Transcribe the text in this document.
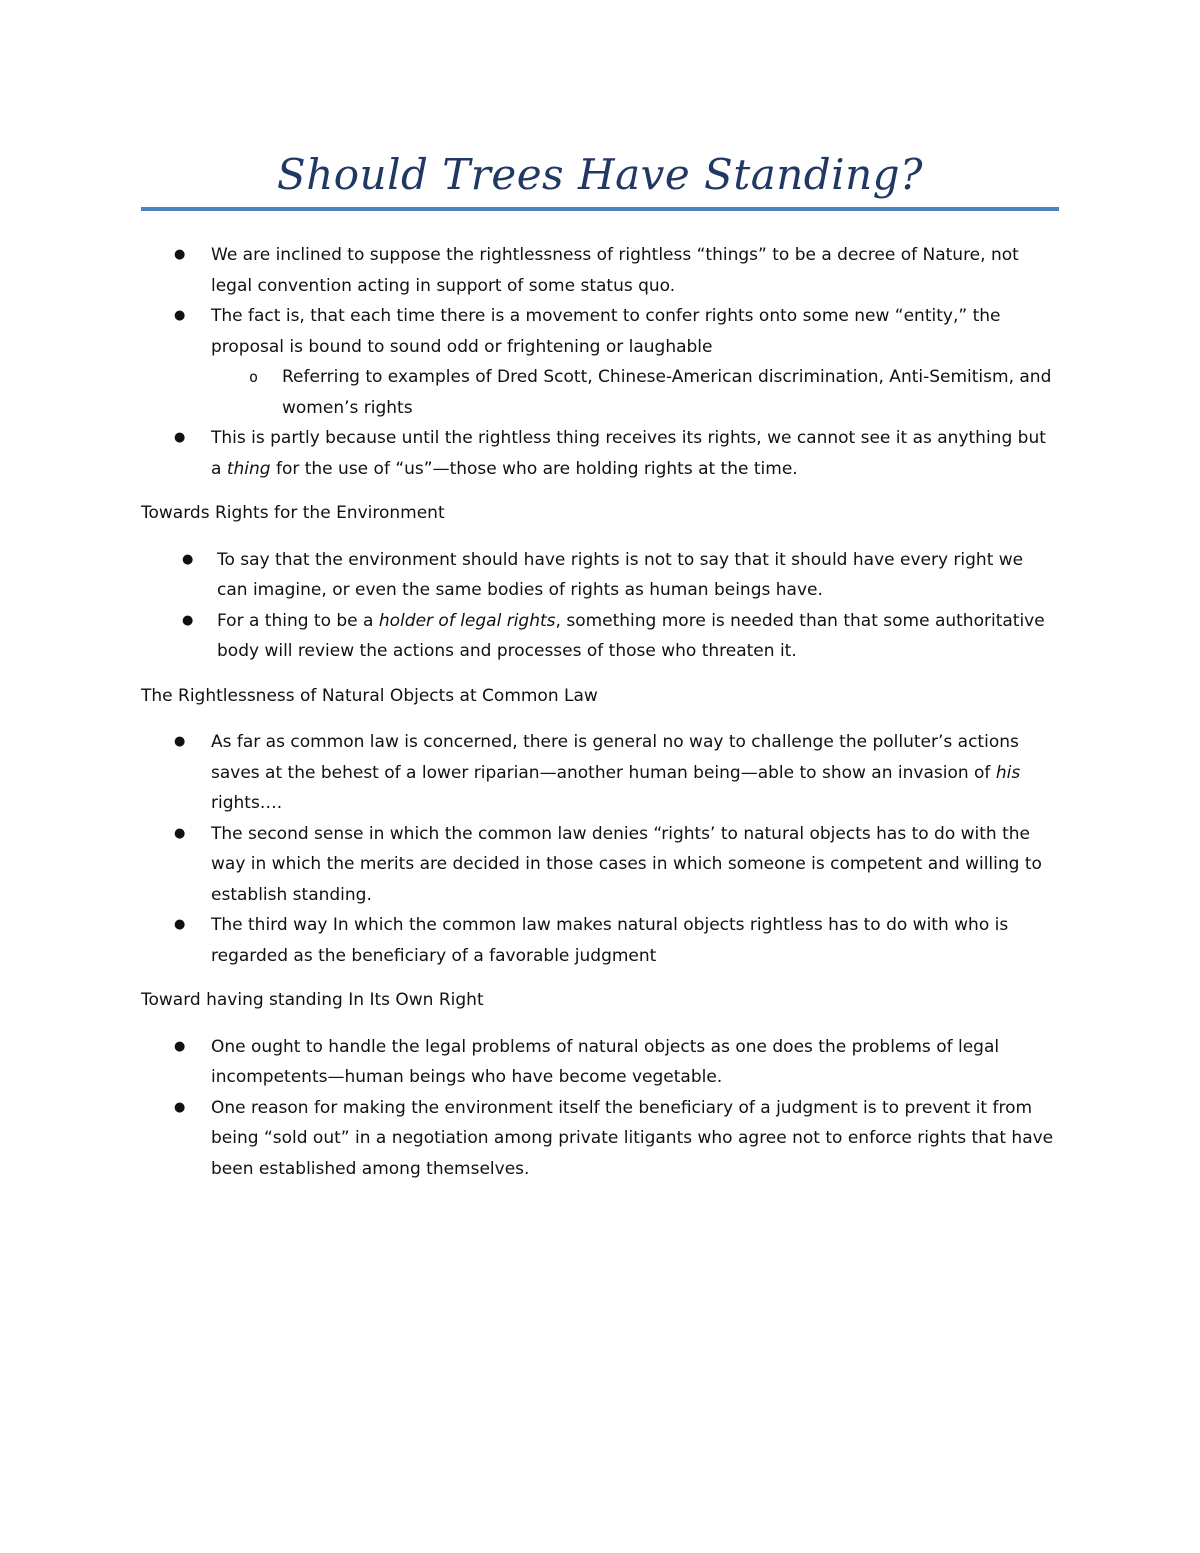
Should Trees Have Standing?
● We are inclined to suppose the rightlessness of rightless “things” to be a decree of Nature, not legal convention acting in support of some status quo.
● The fact is, that each time there is a movement to confer rights onto some new “entity,” the proposal is bound to sound odd or frightening or laughable
o Referring to examples of Dred Scott, Chinese-American discrimination, Anti-Semitism, and women’s rights
● This is partly because until the rightless thing receives its rights, we cannot see it as anything but a thing for the use of “us”—those who are holding rights at the time.
Towards Rights for the Environment
● To say that the environment should have rights is not to say that it should have every right we can imagine, or even the same bodies of rights as human beings have.
● For a thing to be a holder of legal rights, something more is needed than that some authoritative body will review the actions and processes of those who threaten it.
The Rightlessness of Natural Objects at Common Law
● As far as common law is concerned, there is general no way to challenge the polluter’s actions saves at the behest of a lower riparian—another human being—able to show an invasion of his rights….
● The second sense in which the common law denies “rights’ to natural objects has to do with the way in which the merits are decided in those cases in which someone is competent and willing to establish standing.
● The third way In which the common law makes natural objects rightless has to do with who is regarded as the beneficiary of a favorable judgment
Toward having standing In Its Own Right
● One ought to handle the legal problems of natural objects as one does the problems of legal incompetents—human beings who have become vegetable.
● One reason for making the environment itself the beneficiary of a judgment is to prevent it from being “sold out” in a negotiation among private litigants who agree not to enforce rights that have been established among themselves.
